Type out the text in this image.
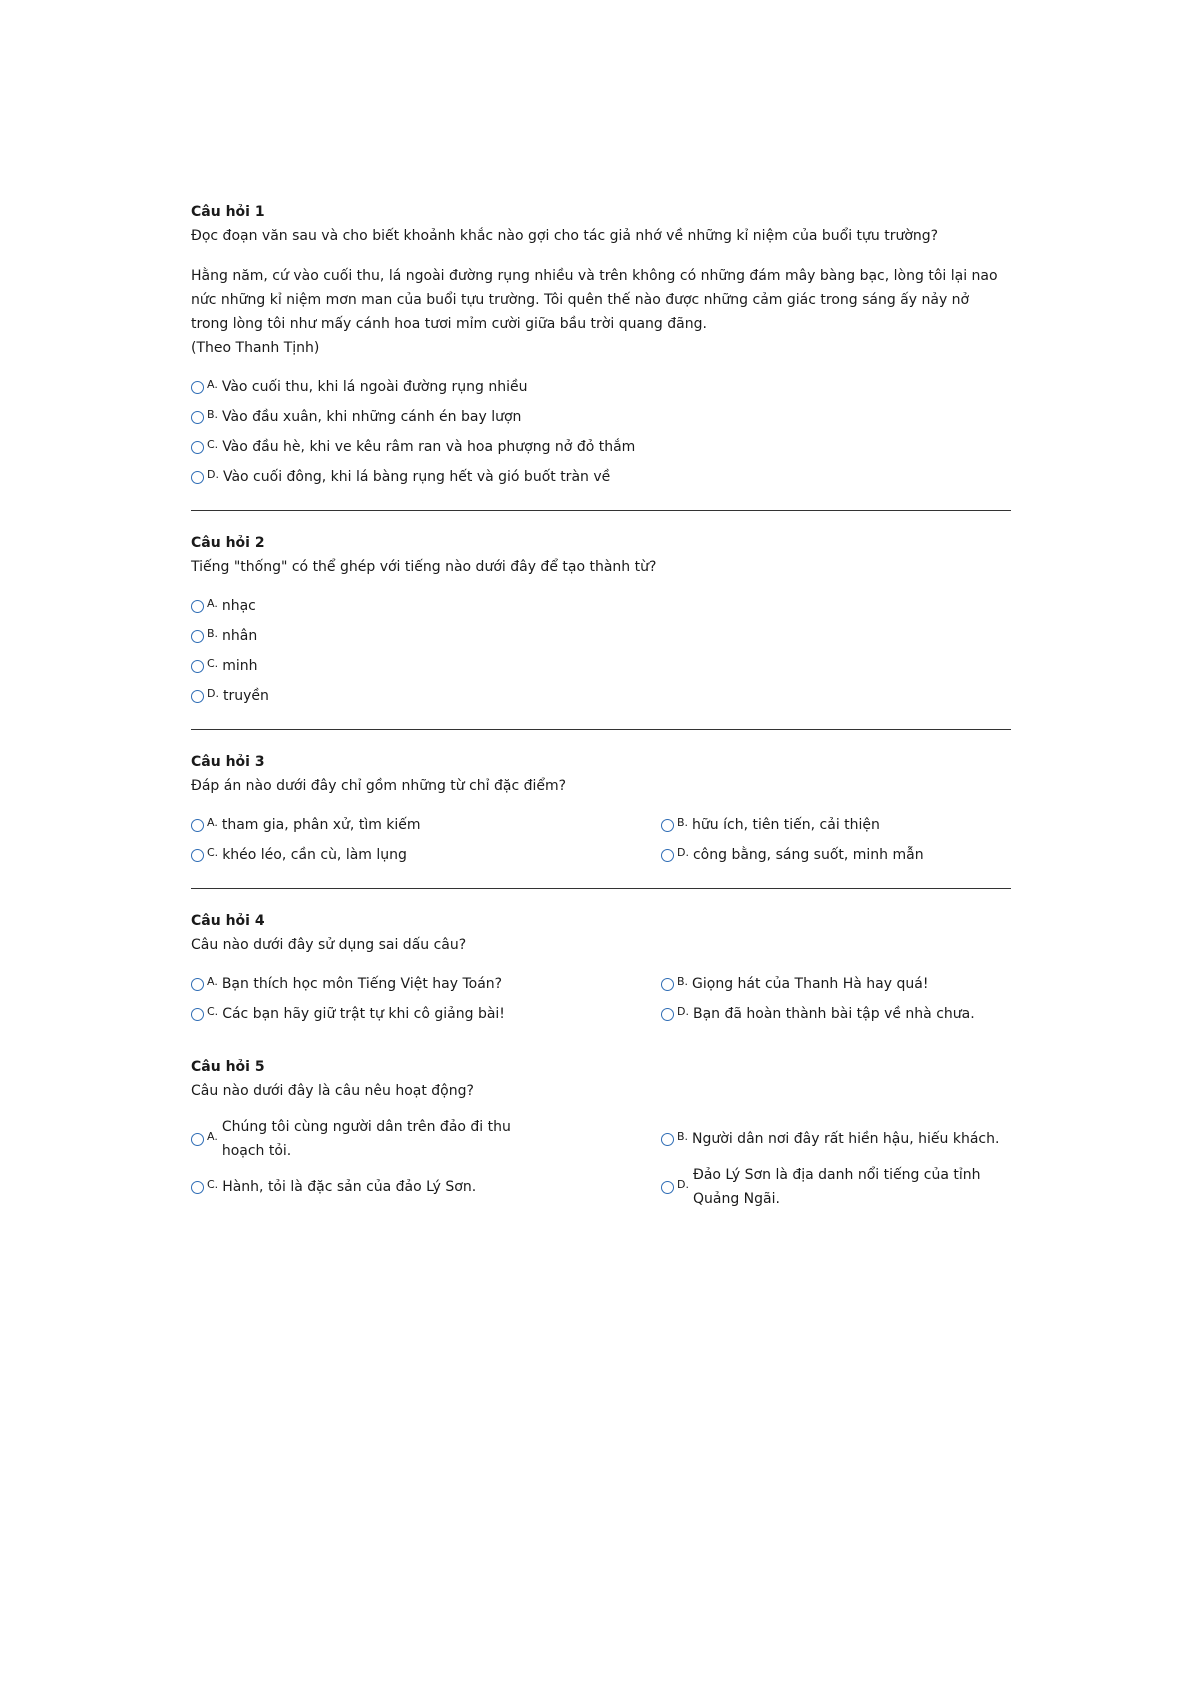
Câu hỏi 1
Đọc đoạn văn sau và cho biết khoảnh khắc nào gợi cho tác giả nhớ về những kỉ niệm của buổi tựu trường?
Hằng năm, cứ vào cuối thu, lá ngoài đường rụng nhiều và trên không có những đám mây bàng bạc, lòng tôi lại nao
nức những kỉ niệm mơn man của buổi tựu trường. Tôi quên thế nào được những cảm giác trong sáng ấy nảy nở
trong lòng tôi như mấy cánh hoa tươi mỉm cười giữa bầu trời quang đãng.
(Theo Thanh Tịnh)
A. Vào cuối thu, khi lá ngoài đường rụng nhiều
B. Vào đầu xuân, khi những cánh én bay lượn
C. Vào đầu hè, khi ve kêu râm ran và hoa phượng nở đỏ thắm
D. Vào cuối đông, khi lá bàng rụng hết và gió buốt tràn về
Câu hỏi 2
Tiếng "thống" có thể ghép với tiếng nào dưới đây để tạo thành từ?
A. nhạc
B. nhân
C. minh
D. truyền
Câu hỏi 3
Đáp án nào dưới đây chỉ gồm những từ chỉ đặc điểm?
A. tham gia, phân xử, tìm kiếm	B. hữu ích, tiên tiến, cải thiện
C. khéo léo, cần cù, làm lụng	D. công bằng, sáng suốt, minh mẫn
Câu hỏi 4
Câu nào dưới đây sử dụng sai dấu câu?
A. Bạn thích học môn Tiếng Việt hay Toán?	B. Giọng hát của Thanh Hà hay quá!
C. Các bạn hãy giữ trật tự khi cô giảng bài!	D. Bạn đã hoàn thành bài tập về nhà chưa.
Câu hỏi 5
Câu nào dưới đây là câu nêu hoạt động?
A.
Chúng tôi cùng người dân trên đảo đi thu
hoạch tỏi.
B. Người dân nơi đây rất hiền hậu, hiếu khách.
C. Hành, tỏi là đặc sản của đảo Lý Sơn.	D.
Đảo Lý Sơn là địa danh nổi tiếng của tỉnh
Quảng Ngãi.
